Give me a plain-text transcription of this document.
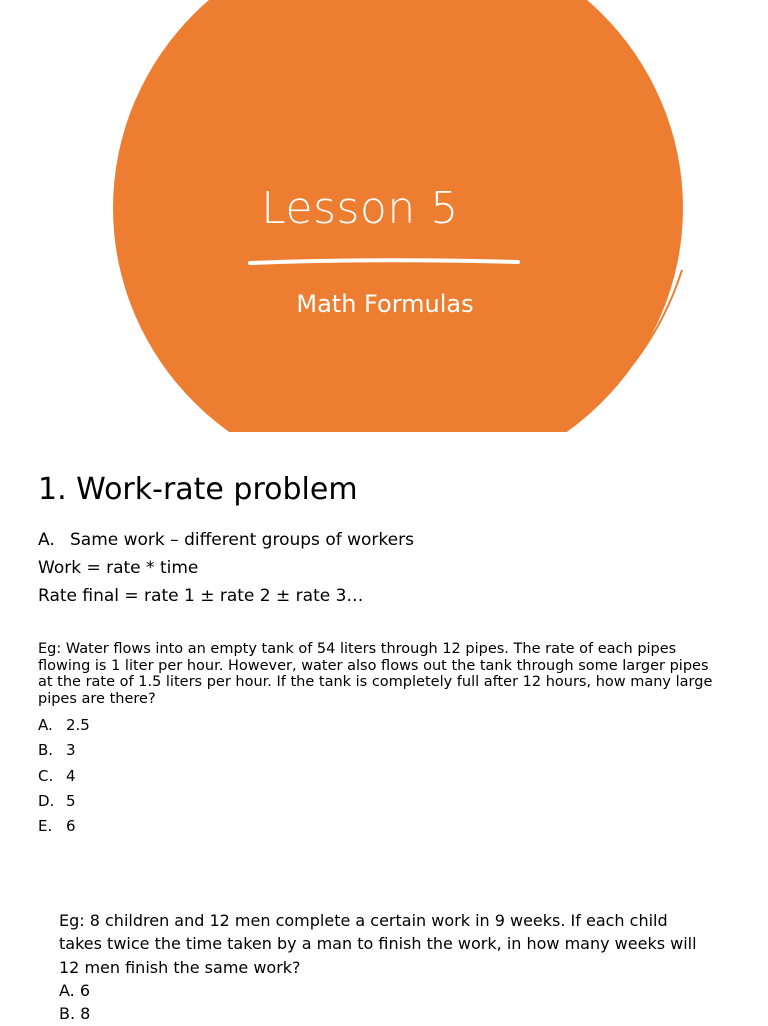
Lesson 5
Math Formulas
1. Work-rate problem

A. Same work – different groups of workers

Work = rate * time

Rate final = rate 1 ± rate 2 ± rate 3…

Eg: Water flows into an empty tank of 54 liters through 12 pipes. The rate of each pipes flowing is 1 liter per hour. However, water also flows out the tank through some larger pipes at the rate of 1.5 liters per hour. If the tank is completely full after 12 hours, how many large pipes are there?

A. 2.5
B. 3
C. 4
D. 5
E. 6

Eg: 8 children and 12 men complete a certain work in 9 weeks. If each child takes twice the time taken by a man to finish the work, in how many weeks will 12 men finish the same work?

A. 6
B. 8
